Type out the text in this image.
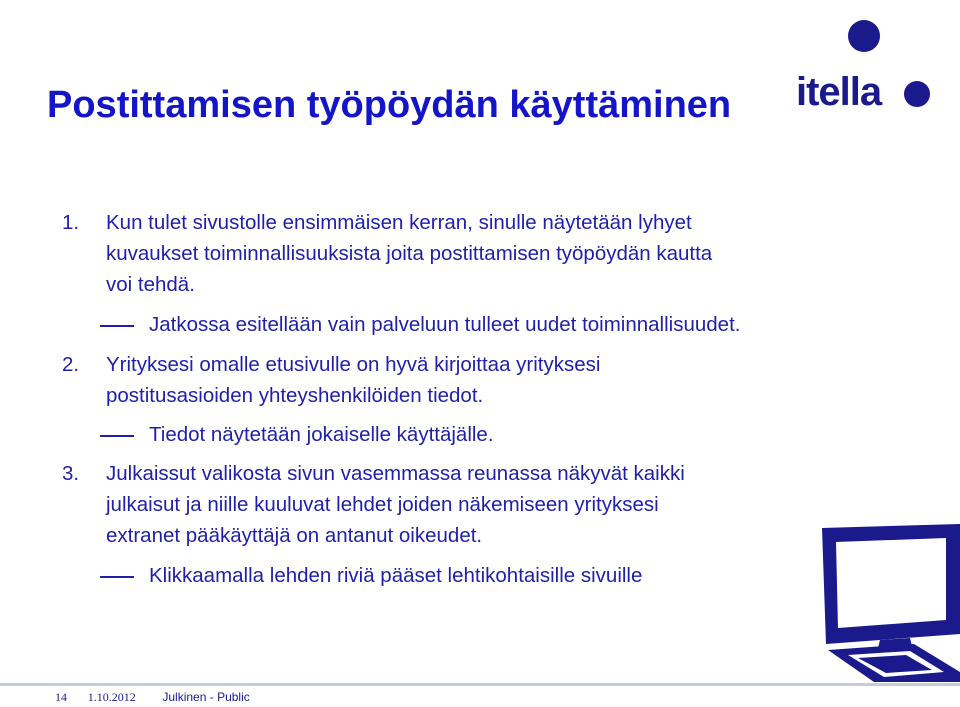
Postittamisen työpöydän käyttäminen itella
1. Kun tulet sivustolle ensimmäisen kerran, sinulle näytetään lyhyet
kuvaukset toiminnallisuuksista joita postittamisen työpöydän kautta
voi tehdä.
Jatkossa esitellään vain palveluun tulleet uudet toiminnallisuudet.
2. Yrityksesi omalle etusivulle on hyvä kirjoittaa yrityksesi
postitusasioiden yhteyshenkilöiden tiedot.
Tiedot näytetään jokaiselle käyttäjälle.
3. Julkaissut valikosta sivun vasemmassa reunassa näkyvät kaikki
julkaisut ja niille kuuluvat lehdet joiden näkemiseen yrityksesi
extranet pääkäyttäjä on antanut oikeudet.
Klikkaamalla lehden riviä pääset lehtikohtaisille sivuille
14 1.10.2012 Julkinen - Public
